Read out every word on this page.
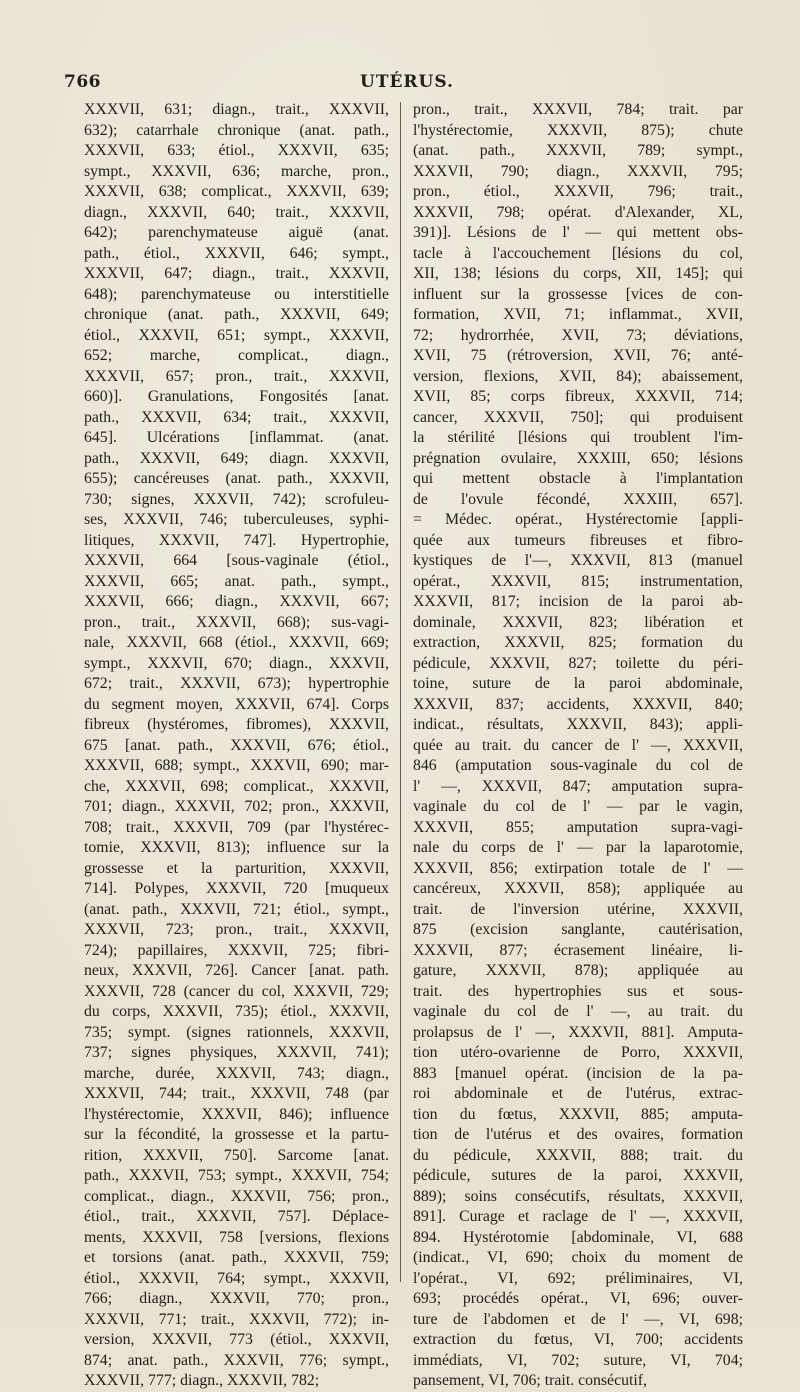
766	UTÉRUS.
XXXVII, 631; diagn., trait., XXXVII,
632); catarrhale chronique (anat. path.,
XXXVII, 633; étiol., XXXVII, 635;
sympt., XXXVII, 636; marche, pron.,
XXXVII, 638; complicat., XXXVII, 639;
diagn., XXXVII, 640; trait., XXXVII,
642); parenchymateuse aiguë (anat.
path., étiol., XXXVII, 646; sympt.,
XXXVII, 647; diagn., trait., XXXVII,
648); parenchymateuse ou interstitielle
chronique (anat. path., XXXVII, 649;
étiol., XXXVII, 651; sympt., XXXVII,
652; marche, complicat., diagn.,
XXXVII, 657; pron., trait., XXXVII,
660)]. Granulations, Fongosités [anat.
path., XXXVII, 634; trait., XXXVII,
645]. Ulcérations [inflammat. (anat.
path., XXXVII, 649; diagn. XXXVII,
655); cancéreuses (anat. path., XXXVII,
730; signes, XXXVII, 742); scrofuleu-
ses, XXXVII, 746; tuberculeuses, syphi-
litiques, XXXVII, 747]. Hypertrophie,
XXXVII, 664 [sous-vaginale (étiol.,
XXXVII, 665; anat. path., sympt.,
XXXVII, 666; diagn., XXXVII, 667;
pron., trait., XXXVII, 668); sus-vagi-
nale, XXXVII, 668 (étiol., XXXVII, 669;
sympt., XXXVII, 670; diagn., XXXVII,
672; trait., XXXVII, 673); hypertrophie
du segment moyen, XXXVII, 674]. Corps
fibreux (hystéromes, fibromes), XXXVII,
675 [anat. path., XXXVII, 676; étiol.,
XXXVII, 688; sympt., XXXVII, 690; mar-
che, XXXVII, 698; complicat., XXXVII,
701; diagn., XXXVII, 702; pron., XXXVII,
708; trait., XXXVII, 709 (par l'hystérec-
tomie, XXXVII, 813); influence sur la
grossesse et la parturition, XXXVII,
714]. Polypes, XXXVII, 720 [muqueux
(anat. path., XXXVII, 721; étiol., sympt.,
XXXVII, 723; pron., trait., XXXVII,
724); papillaires, XXXVII, 725; fibri-
neux, XXXVII, 726]. Cancer [anat. path.
XXXVII, 728 (cancer du col, XXXVII, 729;
du corps, XXXVII, 735); étiol., XXXVII,
735; sympt. (signes rationnels, XXXVII,
737; signes physiques, XXXVII, 741);
marche, durée, XXXVII, 743; diagn.,
XXXVII, 744; trait., XXXVII, 748 (par
l'hystérectomie, XXXVII, 846); influence
sur la fécondité, la grossesse et la partu-
rition, XXXVII, 750]. Sarcome [anat.
path., XXXVII, 753; sympt., XXXVII, 754;
complicat., diagn., XXXVII, 756; pron.,
étiol., trait., XXXVII, 757]. Déplace-
ments, XXXVII, 758 [versions, flexions
et torsions (anat. path., XXXVII, 759;
étiol., XXXVII, 764; sympt., XXXVII,
766; diagn., XXXVII, 770; pron.,
XXXVII, 771; trait., XXXVII, 772); in-
version, XXXVII, 773 (étiol., XXXVII,
874; anat. path., XXXVII, 776; sympt.,
XXXVII, 777; diagn., XXXVII, 782;
pron., trait., XXXVII, 784; trait. par
l'hystérectomie, XXXVII, 875); chute
(anat. path., XXXVII, 789; sympt.,
XXXVII, 790; diagn., XXXVII, 795;
pron., étiol., XXXVII, 796; trait.,
XXXVII, 798; opérat. d'Alexander, XL,
391)]. Lésions de l' — qui mettent obs-
tacle à l'accouchement [lésions du col,
XII, 138; lésions du corps, XII, 145]; qui
influent sur la grossesse [vices de con-
formation, XVII, 71; inflammat., XVII,
72; hydrorrhée, XVII, 73; déviations,
XVII, 75 (rétroversion, XVII, 76; anté-
version, flexions, XVII, 84); abaissement,
XVII, 85; corps fibreux, XXXVII, 714;
cancer, XXXVII, 750]; qui produisent
la stérilité [lésions qui troublent l'im-
prégnation ovulaire, XXXIII, 650; lésions
qui mettent obstacle à l'implantation
de l'ovule fécondé, XXXIII, 657].
= Médec. opérat., Hystérectomie [appli-
quée aux tumeurs fibreuses et fibro-
kystiques de l'—, XXXVII, 813 (manuel
opérat., XXXVII, 815; instrumentation,
XXXVII, 817; incision de la paroi ab-
dominale, XXXVII, 823; libération et
extraction, XXXVII, 825; formation du
pédicule, XXXVII, 827; toilette du péri-
toine, suture de la paroi abdominale,
XXXVII, 837; accidents, XXXVII, 840;
indicat., résultats, XXXVII, 843); appli-
quée au trait. du cancer de l' —, XXXVII,
846 (amputation sous-vaginale du col de
l' —, XXXVII, 847; amputation supra-
vaginale du col de l' — par le vagin,
XXXVII, 855; amputation supra-vagi-
nale du corps de l' — par la laparotomie,
XXXVII, 856; extirpation totale de l' —
cancéreux, XXXVII, 858); appliquée au
trait. de l'inversion utérine, XXXVII,
875 (excision sanglante, cautérisation,
XXXVII, 877; écrasement linéaire, li-
gature, XXXVII, 878); appliquée au
trait. des hypertrophies sus et sous-
vaginale du col de l' —, au trait. du
prolapsus de l' —, XXXVII, 881]. Amputa-
tion utéro-ovarienne de Porro, XXXVII,
883 [manuel opérat. (incision de la pa-
roi abdominale et de l'utérus, extrac-
tion du fœtus, XXXVII, 885; amputa-
tion de l'utérus et des ovaires, formation
du pédicule, XXXVII, 888; trait. du
pédicule, sutures de la paroi, XXXVII,
889); soins consécutifs, résultats, XXXVII,
891]. Curage et raclage de l' —, XXXVII,
894. Hystérotomie [abdominale, VI, 688
(indicat., VI, 690; choix du moment de
l'opérat., VI, 692; préliminaires, VI,
693; procédés opérat., VI, 696; ouver-
ture de l'abdomen et de l' —, VI, 698;
extraction du fœtus, VI, 700; accidents
immédiats, VI, 702; suture, VI, 704;
pansement, VI, 706; trait. consécutif,
